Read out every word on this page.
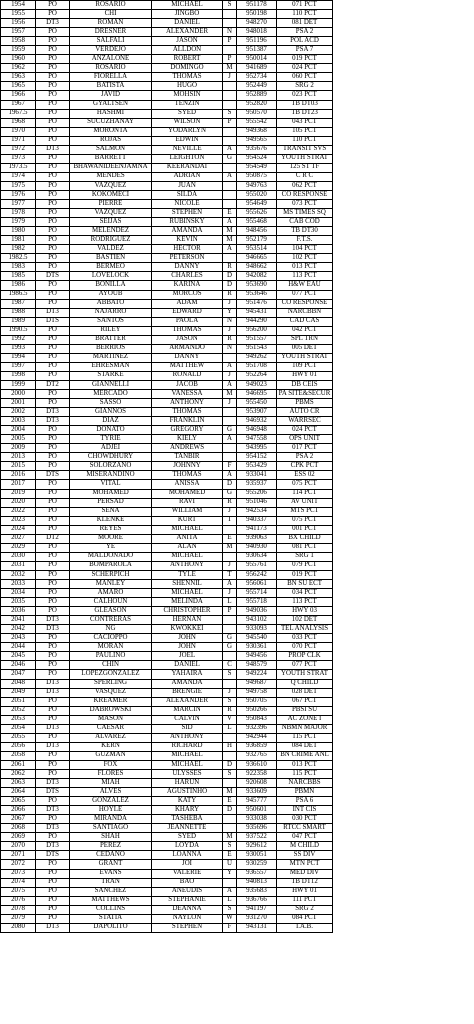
1954	PO	ROSARIO	MICHAEL	S	951178	071 PCT
1955	PO	CHI	JINGBO		950198	110 PCT
1956	DT3	ROMAN	DANIEL		948270	081 DET
1957	PO	DRESNER	ALEXANDER	N	948018	PSA 2
1958	PO	SALFALI	JASON	P	951196	POL ACD
1959	PO	VERDEJO	ALLDON		951387	PSA 7
1960	PO	ANZALONE	ROBERT	P	950014	019 PCT
1962	PO	ROSARIO	DOMINGO	M	941689	024 PCT
1963	PO	FIORELLA	THOMAS	J	952734	060 PCT
1965	PO	BATISTA	HUGO		952449	SRG 2
1966	PO	JAVID	MOHSIN		952889	023 PCT
1967	PO	GYALTSEN	TENZIN		952820	TB DT03
1967.5	PO	HASHMI	SYED	S	950570	TB DT23
1968	PO	SUCUZHANAY	WILSON	P	955542	043 PCT
1970	PO	MORONTA	YODARLYN		949368	105 PCT
1971	PO	ROJAS	EDWIN		949565	110 PCT
1972	DT3	SALMON	NEVILLE	A	935676	TRANSIT SVS
1973	PO	BARRETT	LEIGHTON	G	954524	YOUTH STRAT
1973.5	PO	BHAWANIDEENJAMNA	KEERANDAI		954549	125 ST TF
1974	PO	MENDES	ADRIAN	A	950875	C R C
1975	PO	VAZQUEZ	JUAN		949763	062 PCT
1976	PO	KOKOMECI	SILDA		955020	CO RESPONSE
1977	PO	PIERRE	NICOLE		954649	073 PCT
1978	PO	VAZQUEZ	STEPHEN	E	955626	MS TIMES SQ
1979	PO	SEIJAS	RUBINSKY	A	955468	CAB COD
1980	PO	MELENDEZ	AMANDA	M	948456	TB DT30
1981	PO	RODRIGUEZ	KEVIN	M	952179	F.T.S.
1982	PO	VALDEZ	HECTOR	A	953514	104 PCT
1982.5	PO	BASTIEN	PETERSON		946665	102 PCT
1983	PO	BERMEO	DANNY	R	948662	013 PCT
1985	DTS	LOVELOCK	CHARLES	D	942082	113 PCT
1986	PO	BONILLA	KARINA	D	953690	H&W EAU
1986.5	PO	AYOUB	MORCOS	R	953646	077 PCT
1987	PO	ABBATO	ADAM	J	951476	CO RESPONSE
1988	DT3	NAJARRO	EDWARD	Y	945431	NARCBBN
1989	DTS	SANTOS	PAOLA	N	944290	CAD CAS
1990.5	PO	RILEY	THOMAS	J	956200	042 PCT
1992	PO	BRATTER	JASON	R	951557	SPL TRN
1993	PO	BERRIOS	ARMANDO	N	951543	005 DET
1994	PO	MARTINEZ	DANNY		949262	YOUTH STRAT
1997	PO	EHRESMAN	MATTHEW	A	951708	109 PCT
1998	PO	STARKE	RONALD	J	952264	HWY 01
1999	DT2	GIANNELLI	JACOB	A	949023	DB CEIS
2000	PO	MERCADO	VANESSA	M	946695	PA SITE&SECUR
2001	PO	SASSO	ANTHONY	J	955450	PBMS
2002	DT3	GIANNOS	THOMAS		953907	AUTO CR
2003	DT3	DIAZ	FRANKLIN		946932	WARRSEC
2004	PO	DONATO	GREGORY	G	946948	024 PCT
2005	PO	TYRIE	KIELY	A	947558	OPS UNIT
2009	PO	ADJEI	ANDREWS		943995	017 PCT
2013	PO	CHOWDHURY	TANBIR		954152	PSA 2
2015	PO	SOLORZANO	JOHNNY	F	953429	CPK PCT
2016	DTS	MISERANDINO	THOMAS	A	933041	ESS 02
2017	PO	VITAL	ANISSA	D	935937	075 PCT
2019	PO	MOHAMED	MOHAMED	G	955206	114 PCT
2020	PO	PERSAD	RAVI	R	951046	AV UNIT
2022	PO	SENA	WILLIAM	J	942534	MTS PCT
2023	PO	KLENKE	KURT	T	940337	075 PCT
2024	PO	REYES	MICHAEL		941173	001 PCT
2027	DT2	MOORE	ANITA	E	939063	BX CHILD
2029	PO	YE	ALAN	M	940930	081 PCT
2030	PO	MALDONADO	MICHAEL		930634	SRG 1
2031	PO	BOMPAROLA	ANTHONY	J	955761	079 PCT
2032	PO	SCHERPICH	TYLE	T	956242	019 PCT
2033	PO	MANLEY	SHENNIL	A	956061	BN SU ECT
2034	PO	AMARO	MICHAEL	J	955714	034 PCT
2035	PO	CALHOUN	MELINDA	L	955718	113 PCT
2036	PO	GLEASON	CHRISTOPHER	P	949036	HWY 03
2041	DT3	CONTRERAS	HERNAN		943102	102 DET
2042	DT3	NG	KWOKKEI		933093	TEL ANALYSIS
2043	PO	CACIOPPO	JOHN	G	945540	033 PCT
2044	PO	MORAN	JOHN	G	930361	070 PCT
2045	PO	PAULINO	JOEL		949456	PROP CLK
2046	PO	CHIN	DANIEL	C	948579	077 PCT
2047	PO	LOPEZGONZALEZ	YAHAIRA	S	949224	YOUTH STRAT
2048	DT3	SPERLING	AMANDA		949687	Q CHILD
2049	DT3	VASQUEZ	BRENGIE	J	949758	028 DET
2051	PO	KREAMER	ALEXANDER	S	950705	067 PCT
2052	PO	DABROWSKI	MARCIN	R	950266	PBSI SU
2053	PO	MASON	CALVIN	V	950843	AC ZONE I
2054	DT3	CAESAR	SID	L	932396	NBMN MAJOR
2055	PO	ALVAREZ	ANTHONY		942944	115 PCT
2056	DT3	KERN	RICHARD	H	936859	084 DET
2058	PO	GUZMAN	MICHAEL		932765	BN CRIME ANL
2061	PO	FOX	MICHAEL	D	936610	013 PCT
2062	PO	FLORES	ULYSSES	S	922358	115 PCT
2063	DT3	MIAH	HARUN		920608	NARCBBS
2064	DTS	ALVES	AGUSTINHO	M	933609	PBMN
2065	PO	GONZALEZ	KATY	E	945777	PSA 6
2066	DT3	HOYLE	KHARY	D	950601	INT CIS
2067	PO	MIRANDA	TASHEBA		933038	030 PCT
2068	DT3	SANTIAGO	JEANNETTE		935696	RTCC SMART
2069	PO	SHAH	SYED	M	937522	047 PCT
2070	DT3	PEREZ	LOYDA	S	929612	M CHILD
2071	DTS	CEDANO	LOANNA	E	930051	SS DIV
2072	PO	GRANT	JOI	U	930259	MTN PCT
2073	PO	EVANS	VALERIE	Y	936557	MED DIV
2074	PO	TRAN	BAO		940813	TB DT12
2075	PO	SANCHEZ	ANEUDIS	A	935683	HWY 01
2076	PO	MATTHEWS	STEPHANIE	L	936766	111 PCT
2078	PO	COLLINS	DEANNA	S	941197	SRG 2
2079	PO	STATIA	NAYLON	W	931270	084 PCT
2080	DT3	DAPOLITO	STEPHEN	F	943131	I.A.B.
